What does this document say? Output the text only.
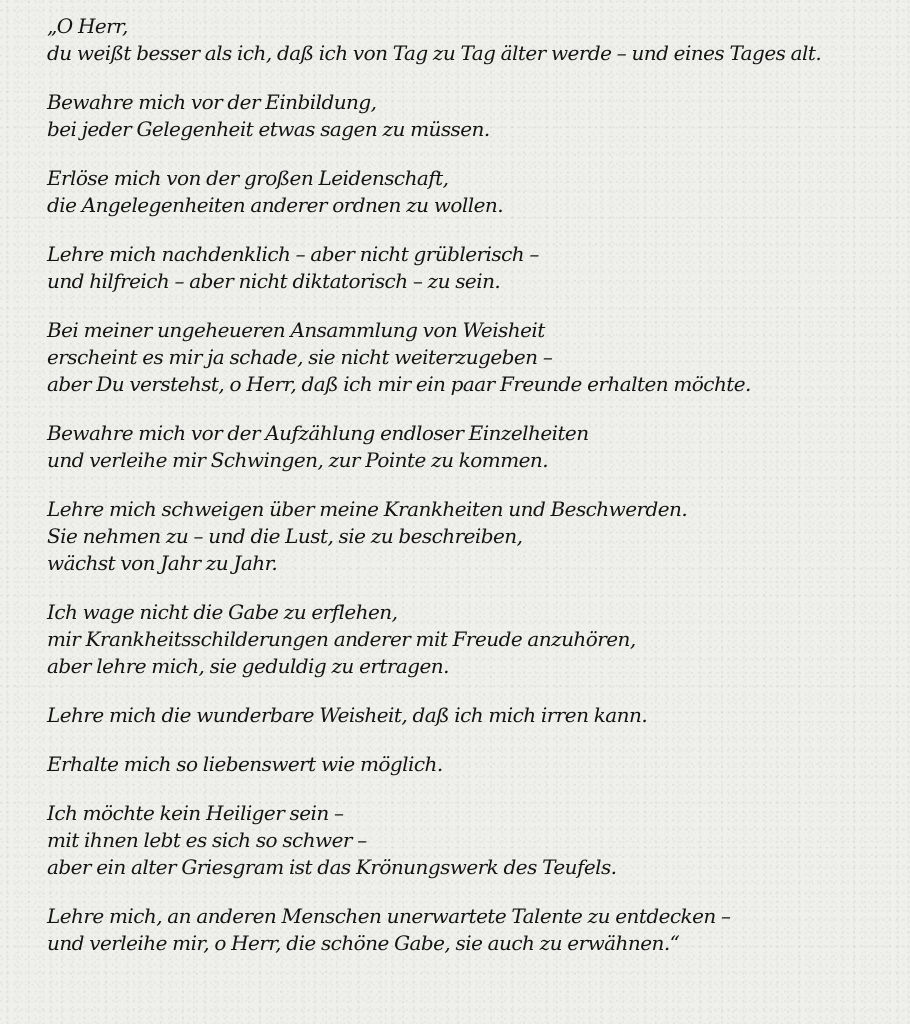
„O Herr,
du weißt besser als ich, daß ich von Tag zu Tag älter werde – und eines Tages alt.
Bewahre mich vor der Einbildung,
bei jeder Gelegenheit etwas sagen zu müssen.
Erlöse mich von der großen Leidenschaft,
die Angelegenheiten anderer ordnen zu wollen.
Lehre mich nachdenklich – aber nicht grüblerisch –
und hilfreich – aber nicht diktatorisch – zu sein.
Bei meiner ungeheueren Ansammlung von Weisheit
erscheint es mir ja schade, sie nicht weiterzugeben –
aber Du verstehst, o Herr, daß ich mir ein paar Freunde erhalten möchte.
Bewahre mich vor der Aufzählung endloser Einzelheiten
und verleihe mir Schwingen, zur Pointe zu kommen.
Lehre mich schweigen über meine Krankheiten und Beschwerden.
Sie nehmen zu – und die Lust, sie zu beschreiben,
wächst von Jahr zu Jahr.
Ich wage nicht die Gabe zu erflehen,
mir Krankheitsschilderungen anderer mit Freude anzuhören,
aber lehre mich, sie geduldig zu ertragen.
Lehre mich die wunderbare Weisheit, daß ich mich irren kann.
Erhalte mich so liebenswert wie möglich.
Ich möchte kein Heiliger sein –
mit ihnen lebt es sich so schwer –
aber ein alter Griesgram ist das Krönungswerk des Teufels.
Lehre mich, an anderen Menschen unerwartete Talente zu entdecken –
und verleihe mir, o Herr, die schöne Gabe, sie auch zu erwähnen.“
